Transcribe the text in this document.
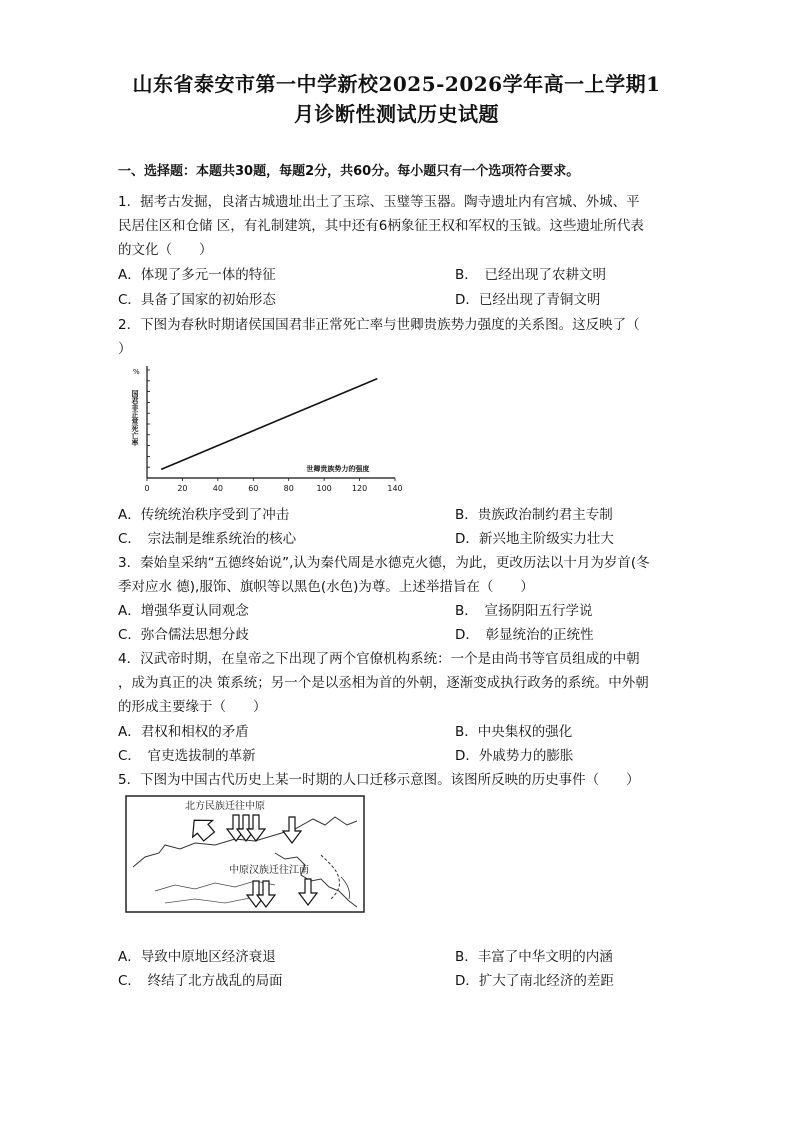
山东省泰安市第一中学新校2025-2026学年高一上学期1
月诊断性测试历史试题
一、选择题：本题共30题，每题2分，共60分。每小题只有一个选项符合要求。
1．据考古发掘，良渚古城遗址出土了玉琮、玉璧等玉器。陶寺遗址内有宫城、外城、平
民居住区和仓储 区，有礼制建筑，其中还有6柄象征王权和军权的玉钺。这些遗址所代表
的文化（　　）
A．体现了多元一体的特征	B．　已经出现了农耕文明
C．具备了国家的初始形态	D．已经出现了青铜文明
2．下图为春秋时期诸侯国国君非正常死亡率与世卿贵族势力强度的关系图。这反映了（
）
%
国君非正常死亡率
0	20	40	60	80	100	120	140
世卿贵族势力的强度
A．传统统治秩序受到了冲击	B．贵族政治制约君主专制
C．　宗法制是维系统治的核心	D．新兴地主阶级实力壮大
3．秦始皇采纳“五德终始说”,认为秦代周是水德克火德，为此，更改历法以十月为岁首(冬
季对应水 德),服饰、旗帜等以黑色(水色)为尊。上述举措旨在（　　）
A．增强华夏认同观念	B．　宣扬阴阳五行学说
C．弥合儒法思想分歧	D．　彰显统治的正统性
4．汉武帝时期，在皇帝之下出现了两个官僚机构系统：一个是由尚书等官员组成的中朝
，成为真正的决 策系统；另一个是以丞相为首的外朝，逐渐变成执行政务的系统。中外朝
的形成主要缘于（　　）
A．君权和相权的矛盾	B．中央集权的强化
C．　官吏选拔制的革新	D．外戚势力的膨胀
5．下图为中国古代历史上某一时期的人口迁移示意图。该图所反映的历史事件（　　）
北方民族迁往中原
中原汉族迁往江南
A．导致中原地区经济衰退	B．丰富了中华文明的内涵
C．　终结了北方战乱的局面	D．扩大了南北经济的差距
